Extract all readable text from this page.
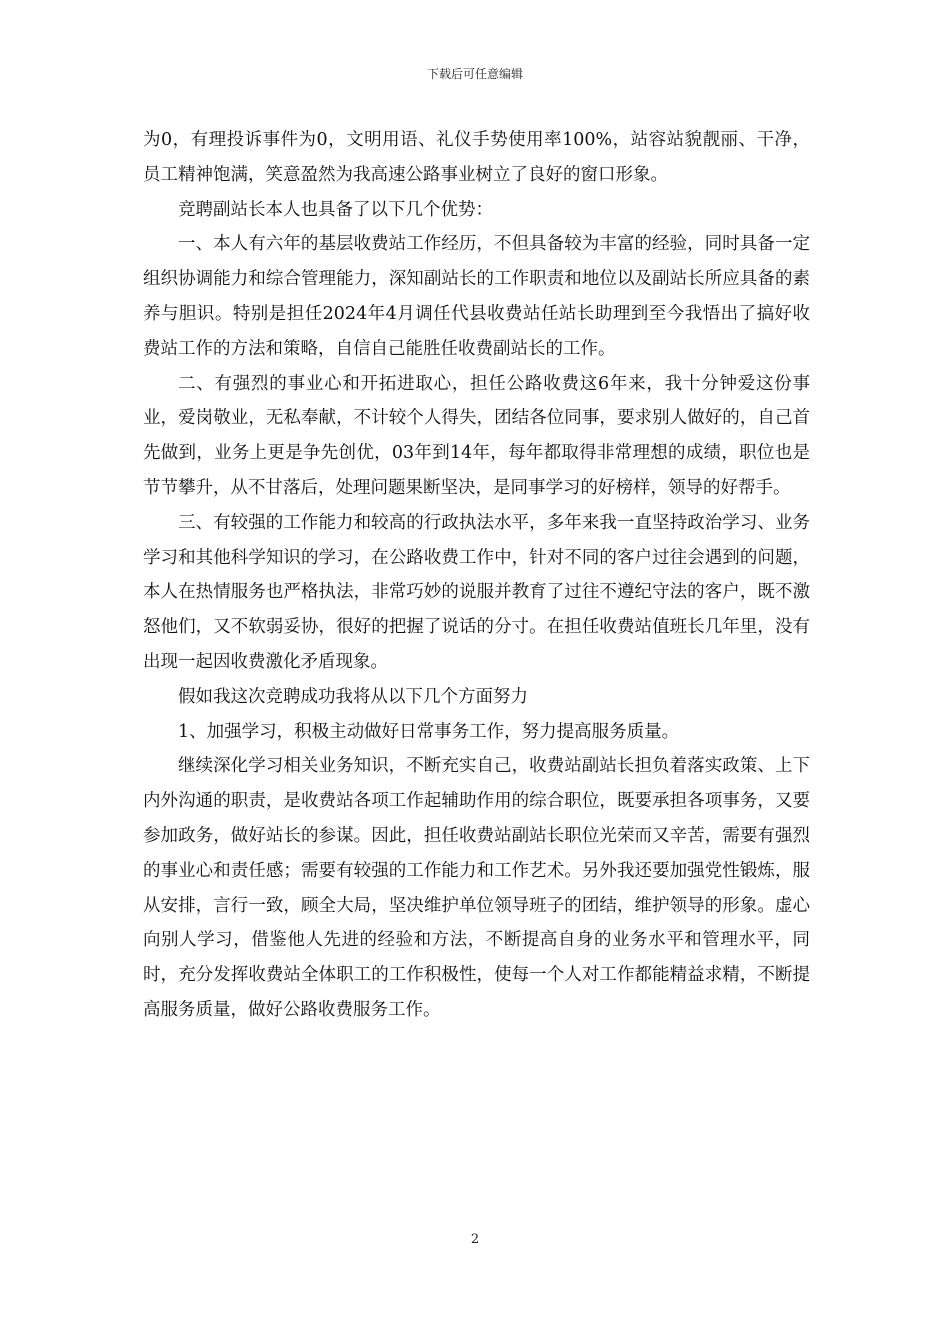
下载后可任意编辑

为0，有理投诉事件为0，文明用语、礼仪手势使用率100%，站容站貌靓丽、干净，员工精神饱满，笑意盈然为我高速公路事业树立了良好的窗口形象。

竞聘副站长本人也具备了以下几个优势：

一、本人有六年的基层收费站工作经历，不但具备较为丰富的经验，同时具备一定组织协调能力和综合管理能力，深知副站长的工作职责和地位以及副站长所应具备的素养与胆识。特别是担任2024年4月调任代县收费站任站长助理到至今我悟出了搞好收费站工作的方法和策略，自信自己能胜任收费副站长的工作。

二、有强烈的事业心和开拓进取心，担任公路收费这6年来，我十分钟爱这份事业，爱岗敬业，无私奉献，不计较个人得失，团结各位同事，要求别人做好的，自己首先做到，业务上更是争先创优，03年到14年，每年都取得非常理想的成绩，职位也是节节攀升，从不甘落后，处理问题果断坚决，是同事学习的好榜样，领导的好帮手。

三、有较强的工作能力和较高的行政执法水平，多年来我一直坚持政治学习、业务学习和其他科学知识的学习，在公路收费工作中，针对不同的客户过往会遇到的问题，本人在热情服务也严格执法，非常巧妙的说服并教育了过往不遵纪守法的客户，既不激怒他们，又不软弱妥协，很好的把握了说话的分寸。在担任收费站值班长几年里，没有出现一起因收费激化矛盾现象。

假如我这次竞聘成功我将从以下几个方面努力

1、加强学习，积极主动做好日常事务工作，努力提高服务质量。

继续深化学习相关业务知识，不断充实自己，收费站副站长担负着落实政策、上下内外沟通的职责，是收费站各项工作起辅助作用的综合职位，既要承担各项事务，又要参加政务，做好站长的参谋。因此，担任收费站副站长职位光荣而又辛苦，需要有强烈的事业心和责任感；需要有较强的工作能力和工作艺术。另外我还要加强党性锻炼，服从安排，言行一致，顾全大局，坚决维护单位领导班子的团结，维护领导的形象。虚心向别人学习，借鉴他人先进的经验和方法，不断提高自身的业务水平和管理水平，同时，充分发挥收费站全体职工的工作积极性，使每一个人对工作都能精益求精，不断提高服务质量，做好公路收费服务工作。

2
